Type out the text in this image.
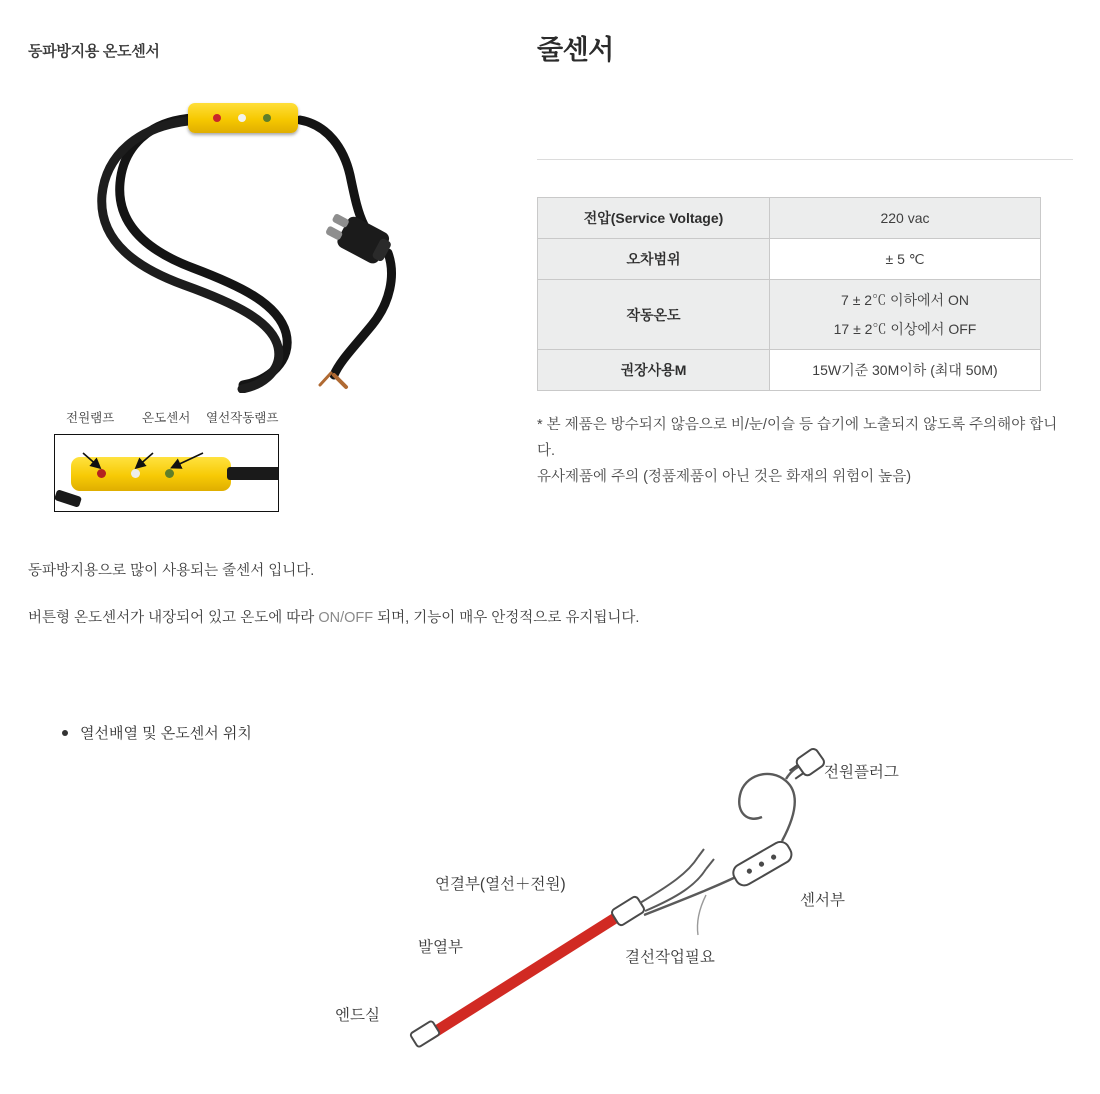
동파방지용 온도센서
전원램프 온도센서 열선작동램프
줄센서
전압(Service Voltage)	220 vac

오차범위	± 5 ℃

작동온도	7 ± 2℃ 이하에서 ON
17 ± 2℃ 이상에서 OFF

권장사용M	15W기준 30M이하 (최대 50M)
* 본 제품은 방수되지 않음으로 비/눈/이슬 등 습기에 노출되지 않도록 주의해야 합니다.
유사제품에 주의 (정품제품이 아닌 것은 화재의 위험이 높음)
동파방지용으로 많이 사용되는 줄센서 입니다.
버튼형 온도센서가 내장되어 있고 온도에 따라 ON/OFF 되며, 기능이 매우 안정적으로 유지됩니다.
열선배열 및 온도센서 위치
전원플러그
센서부
연결부(열선＋전원)
결선작업필요
발열부
엔드실
